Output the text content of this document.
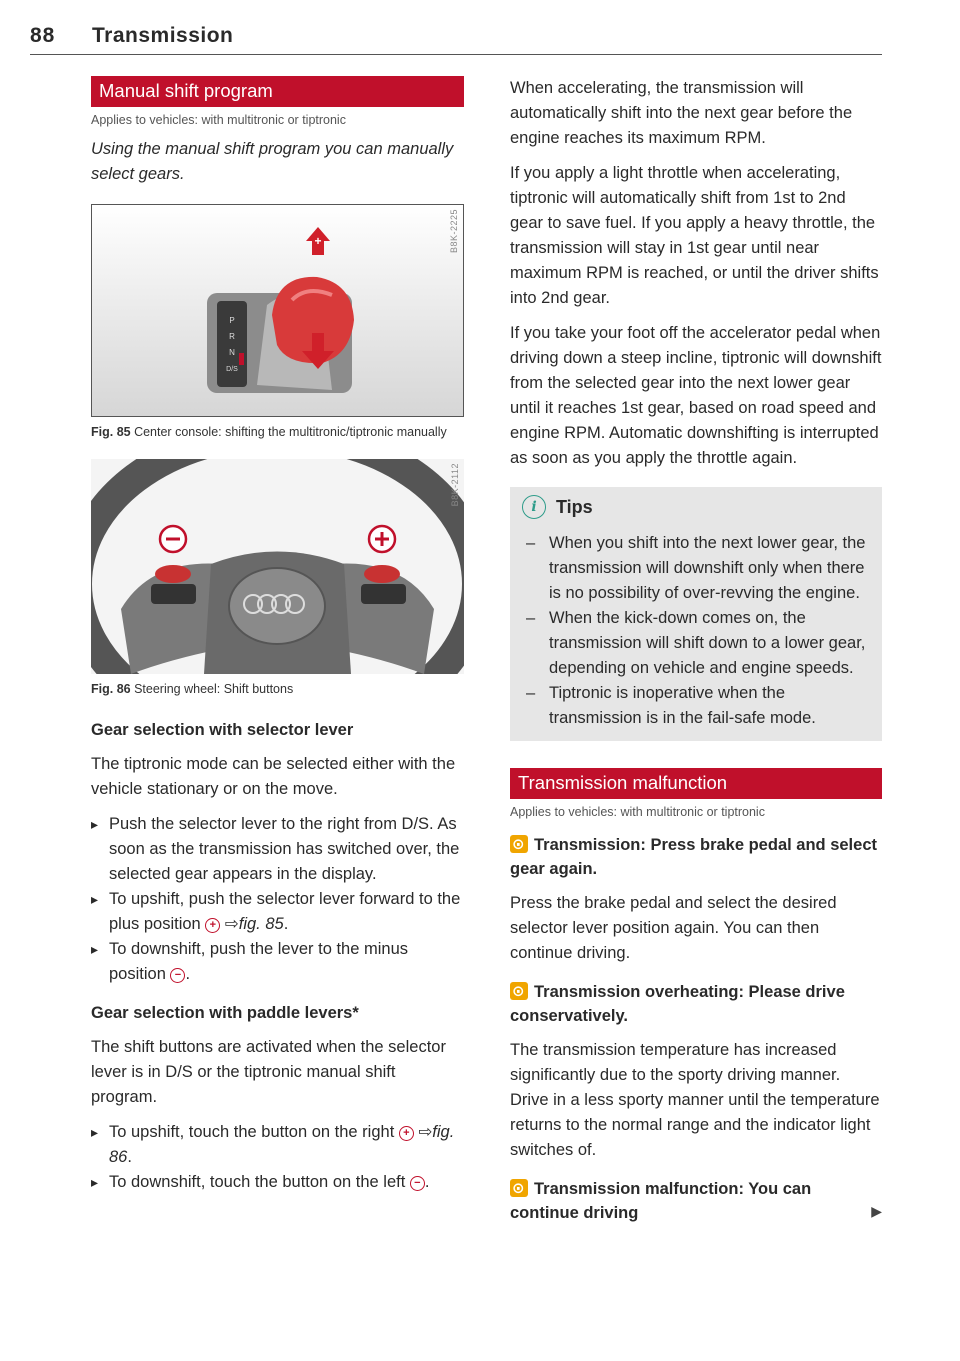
88 Transmission
Manual shift program
Applies to vehicles: with multitronic or tiptronic
Using the manual shift program you can manually select gears.
B8K-2225
P
R
N
D/S
+
Fig. 85 Center console: shifting the multitronic/tiptronic manually
B8K-2112
Fig. 86 Steering wheel: Shift buttons
Gear selection with selector lever

The tiptronic mode can be selected either with the vehicle stationary or on the move.

▸ Push the selector lever to the right from D/S. As soon as the transmission has switched over, the selected gear appears in the display.
▸ To upshift, push the selector lever forward to the plus position + ⇨fig. 85.
▸ To downshift, push the lever to the minus position − .
Gear selection with paddle levers*

The shift buttons are activated when the selector lever is in D/S or the tiptronic manual shift program.

▸ To upshift, touch the button on the right + ⇨fig. 86.
▸ To downshift, touch the button on the left − .

When accelerating, the transmission will automatically shift into the next gear before the engine reaches its maximum RPM.

If you apply a light throttle when accelerating, tiptronic will automatically shift from 1st to 2nd gear to save fuel. If you apply a heavy throttle, the transmission will stay in 1st gear until near maximum RPM is reached, or until the driver shifts into 2nd gear.

If you take your foot off the accelerator pedal when driving down a steep incline, tiptronic will downshift from the selected gear into the next lower gear until it reaches 1st gear, based on road speed and engine RPM. Automatic downshifting is interrupted as soon as you apply the throttle again.

i	Tips
– When you shift into the next lower gear, the transmission will downshift only when there is no possibility of over-revving the engine.
– When the kick-down comes on, the transmission will shift down to a lower gear, depending on vehicle and engine speeds.
– Tiptronic is inoperative when the transmission is in the fail-safe mode.
Transmission malfunction
Applies to vehicles: with multitronic or tiptronic
⊙Transmission: Press brake pedal and select gear again.

Press the brake pedal and select the desired selector lever position again. You can then continue driving.

⊙Transmission overheating: Please drive conservatively.

The transmission temperature has increased significantly due to the sporty driving manner. Drive in a less sporty manner until the temperature returns to the normal range and the indicator light switches of.

⊙Transmission malfunction: You can continue driving	▶
